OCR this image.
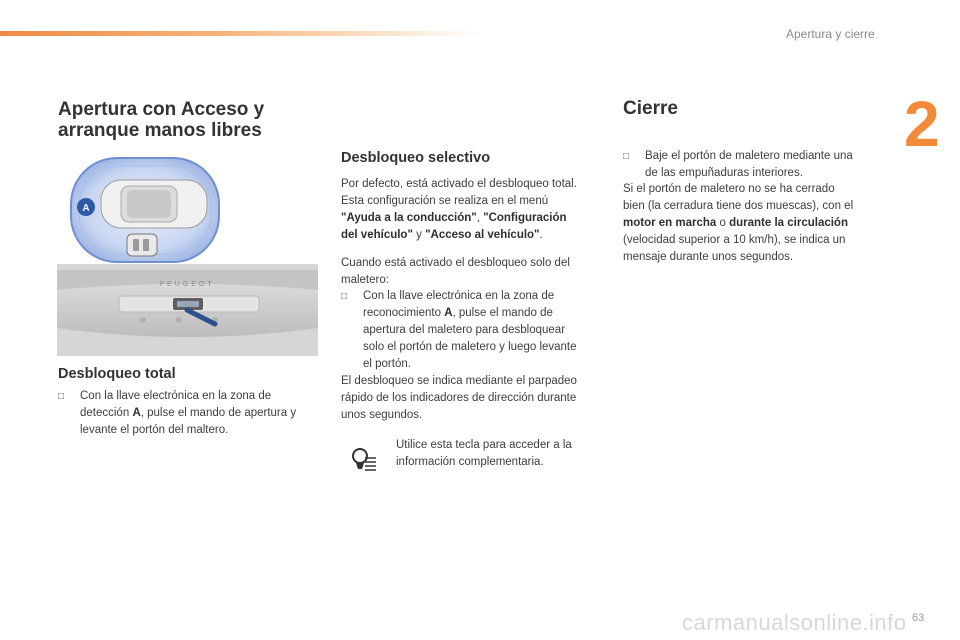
Apertura y cierre
2
Apertura con Acceso y
arranque manos libres
PEUGEOT
A
Desbloqueo total
□	Con la llave electrónica en la zona de
detección A, pulse el mando de apertura y
levante el portón del maltero.
Desbloqueo selectivo
Por defecto, está activado el desbloqueo total.
Esta configuración se realiza en el menú
"Ayuda a la conducción", "Configuración
del vehículo" y "Acceso al vehículo".
Cuando está activado el desbloqueo solo del
maletero:
□	Con la llave electrónica en la zona de
reconocimiento A, pulse el mando de
apertura del maletero para desbloquear
solo el portón de maletero y luego levante
el portón.
El desbloqueo se indica mediante el parpadeo
rápido de los indicadores de dirección durante
unos segundos.
Utilice esta tecla para acceder a la
información complementaria.
Cierre
□	Baje el portón de maletero mediante una
de las empuñaduras interiores.
Si el portón de maletero no se ha cerrado
bien (la cerradura tiene dos muescas), con el
motor en marcha o durante la circulación
(velocidad superior a 10 km/h), se indica un
mensaje durante unos segundos.
carmanualsonline.info 63
